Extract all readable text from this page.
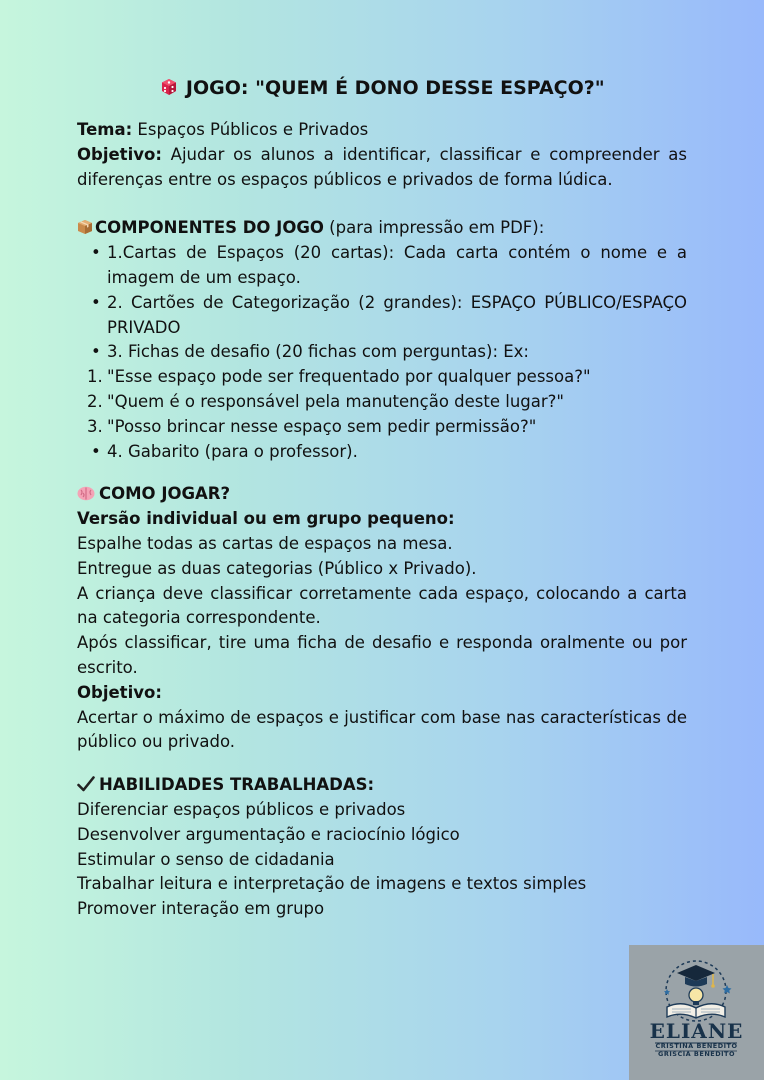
JOGO: "QUEM É DONO DESSE ESPAÇO?"

Tema: Espaços Públicos e Privados

Objetivo: Ajudar os alunos a identificar, classificar e compreender as diferenças entre os espaços públicos e privados de forma lúdica.

COMPONENTES DO JOGO (para impressão em PDF):

• 1.Cartas de Espaços (20 cartas): Cada carta contém o nome e a imagem de um espaço.
• 2. Cartões de Categorização (2 grandes): ESPAÇO PÚBLICO/ESPAÇO PRIVADO
• 3. Fichas de desafio (20 fichas com perguntas): Ex:
1. "Esse espaço pode ser frequentado por qualquer pessoa?"
2. "Quem é o responsável pela manutenção deste lugar?"
3. "Posso brincar nesse espaço sem pedir permissão?"
• 4. Gabarito (para o professor).

COMO JOGAR?

Versão individual ou em grupo pequeno:

Espalhe todas as cartas de espaços na mesa.

Entregue as duas categorias (Público x Privado).

A criança deve classificar corretamente cada espaço, colocando a carta na categoria correspondente.

Após classificar, tire uma ficha de desafio e responda oralmente ou por escrito.

Objetivo:

Acertar o máximo de espaços e justificar com base nas características de público ou privado.

HABILIDADES TRABALHADAS:

Diferenciar espaços públicos e privados

Desenvolver argumentação e raciocínio lógico

Estimular o senso de cidadania

Trabalhar leitura e interpretação de imagens e textos simples

Promover interação em grupo

ELIANE
CRISTINA BENEDITO
GRISCIA BENEDITO
